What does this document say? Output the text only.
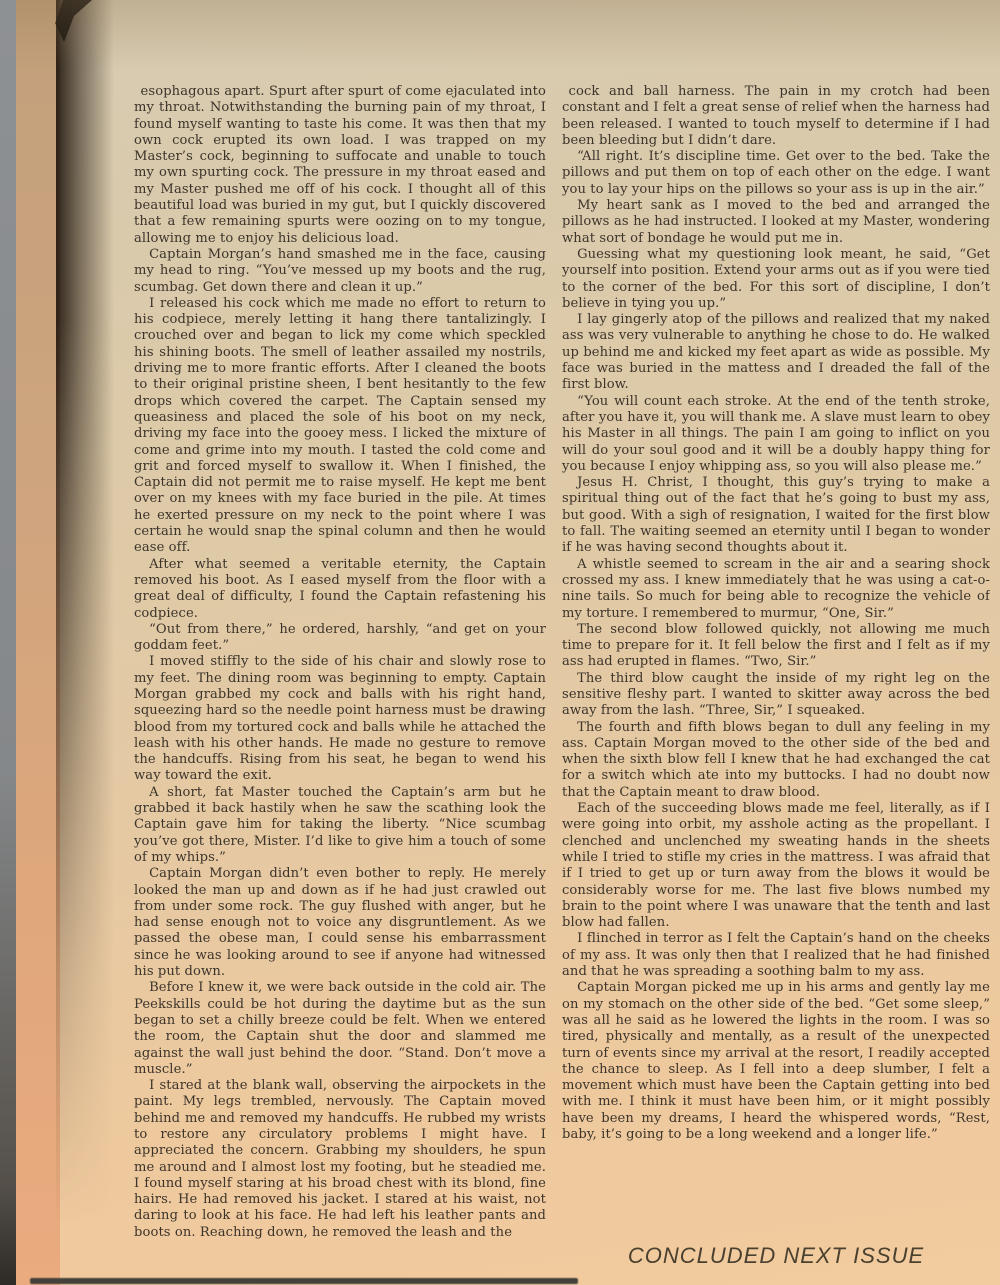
esophagous apart. Spurt after spurt of come ejaculated into my throat. Notwithstanding the burning pain of my throat, I found myself wanting to taste his come. It was then that my own cock erupted its own load. I was trapped on my Master’s cock, beginning to suffocate and unable to touch my own spurting cock. The pressure in my throat eased and my Master pushed me off of his cock. I thought all of this beautiful load was buried in my gut, but I quickly discovered that a few remaining spurts were oozing on to my tongue, allowing me to enjoy his delicious load.

Captain Morgan’s hand smashed me in the face, causing my head to ring. “You’ve messed up my boots and the rug, scumbag. Get down there and clean it up.”

I released his cock which me made no effort to return to his codpiece, merely letting it hang there tantalizingly. I crouched over and began to lick my come which speckled his shining boots. The smell of leather assailed my nostrils, driving me to more frantic efforts. After I cleaned the boots to their original pristine sheen, I bent hesitantly to the few drops which covered the carpet. The Captain sensed my queasiness and placed the sole of his boot on my neck, driving my face into the gooey mess. I licked the mixture of come and grime into my mouth. I tasted the cold come and grit and forced myself to swallow it. When I finished, the Captain did not permit me to raise myself. He kept me bent over on my knees with my face buried in the pile. At times he exerted pressure on my neck to the point where I was certain he would snap the spinal column and then he would ease off.

After what seemed a veritable eternity, the Captain removed his boot. As I eased myself from the floor with a great deal of difficulty, I found the Captain refastening his codpiece.

“Out from there,” he ordered, harshly, “and get on your goddam feet.”

I moved stiffly to the side of his chair and slowly rose to my feet. The dining room was beginning to empty. Captain Morgan grabbed my cock and balls with his right hand, squeezing hard so the needle point harness must be drawing blood from my tortured cock and balls while he attached the leash with his other hands. He made no gesture to remove the handcuffs. Rising from his seat, he began to wend his way toward the exit.

A short, fat Master touched the Captain’s arm but he grabbed it back hastily when he saw the scathing look the Captain gave him for taking the liberty. “Nice scumbag you’ve got there, Mister. I’d like to give him a touch of some of my whips.”

Captain Morgan didn’t even bother to reply. He merely looked the man up and down as if he had just crawled out from under some rock. The guy flushed with anger, but he had sense enough not to voice any disgruntlement. As we passed the obese man, I could sense his embarrassment since he was looking around to see if anyone had witnessed his put down.

Before I knew it, we were back outside in the cold air. The Peekskills could be hot during the daytime but as the sun began to set a chilly breeze could be felt. When we entered the room, the Captain shut the door and slammed me against the wall just behind the door. “Stand. Don’t move a muscle.”

I stared at the blank wall, observing the airpockets in the paint. My legs trembled, nervously. The Captain moved behind me and removed my handcuffs. He rubbed my wrists to restore any circulatory problems I might have. I appreciated the concern. Grabbing my shoulders, he spun me around and I almost lost my footing, but he steadied me. I found myself staring at his broad chest with its blond, fine hairs. He had removed his jacket. I stared at his waist, not daring to look at his face. He had left his leather pants and boots on. Reaching down, he removed the leash and the

cock and ball harness. The pain in my crotch had been constant and I felt a great sense of relief when the harness had been released. I wanted to touch myself to determine if I had been bleeding but I didn’t dare.

“All right. It’s discipline time. Get over to the bed. Take the pillows and put them on top of each other on the edge. I want you to lay your hips on the pillows so your ass is up in the air.”

My heart sank as I moved to the bed and arranged the pillows as he had instructed. I looked at my Master, wondering what sort of bondage he would put me in.

Guessing what my questioning look meant, he said, “Get yourself into position. Extend your arms out as if you were tied to the corner of the bed. For this sort of discipline, I don’t believe in tying you up.”

I lay gingerly atop of the pillows and realized that my naked ass was very vulnerable to anything he chose to do. He walked up behind me and kicked my feet apart as wide as possible. My face was buried in the mattess and I dreaded the fall of the first blow.

“You will count each stroke. At the end of the tenth stroke, after you have it, you will thank me. A slave must learn to obey his Master in all things. The pain I am going to inflict on you will do your soul good and it will be a doubly happy thing for you because I enjoy whipping ass, so you will also please me.”

Jesus H. Christ, I thought, this guy’s trying to make a spiritual thing out of the fact that he’s going to bust my ass, but good. With a sigh of resignation, I waited for the first blow to fall. The waiting seemed an eternity until I began to wonder if he was having second thoughts about it.

A whistle seemed to scream in the air and a searing shock crossed my ass. I knew immediately that he was using a cat-o-nine tails. So much for being able to recognize the vehicle of my torture. I remembered to murmur, “One, Sir.”

The second blow followed quickly, not allowing me much time to prepare for it. It fell below the first and I felt as if my ass had erupted in flames. “Two, Sir.”

The third blow caught the inside of my right leg on the sensitive fleshy part. I wanted to skitter away across the bed away from the lash. “Three, Sir,” I squeaked.

The fourth and fifth blows began to dull any feeling in my ass. Captain Morgan moved to the other side of the bed and when the sixth blow fell I knew that he had exchanged the cat for a switch which ate into my buttocks. I had no doubt now that the Captain meant to draw blood.

Each of the succeeding blows made me feel, literally, as if I were going into orbit, my asshole acting as the propellant. I clenched and unclenched my sweating hands in the sheets while I tried to stifle my cries in the mattress. I was afraid that if I tried to get up or turn away from the blows it would be considerably worse for me. The last five blows numbed my brain to the point where I was unaware that the tenth and last blow had fallen.

I flinched in terror as I felt the Captain’s hand on the cheeks of my ass. It was only then that I realized that he had finished and that he was spreading a soothing balm to my ass.

Captain Morgan picked me up in his arms and gently lay me on my stomach on the other side of the bed. “Get some sleep,” was all he said as he lowered the lights in the room. I was so tired, physically and mentally, as a result of the unexpected turn of events since my arrival at the resort, I readily accepted the chance to sleep. As I fell into a deep slumber, I felt a movement which must have been the Captain getting into bed with me. I think it must have been him, or it might possibly have been my dreams, I heard the whispered words, “Rest, baby, it’s going to be a long weekend and a longer life.”

CONCLUDED NEXT ISSUE
